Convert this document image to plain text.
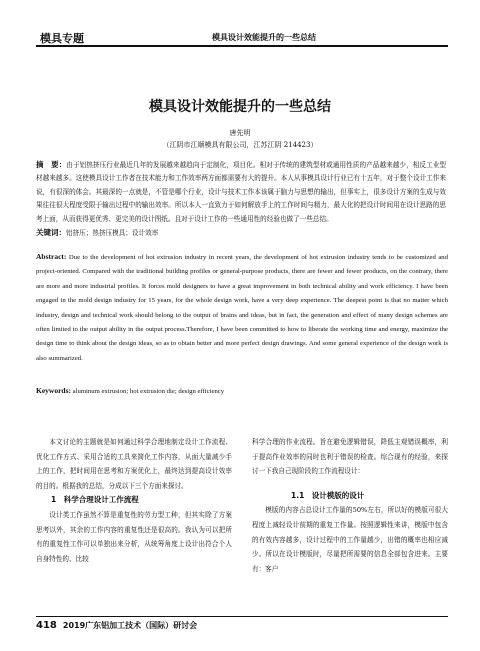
模具专题	模具设计效能提升的一些总结
模具设计效能提升的一些总结
唐先明
（江阴市江顺模具有限公司，江苏江阴 214423）
摘　要：由于铝热挤压行业最近几年的发展越来越趋向于定制化，项目化。相对于传统的建筑型材或通用性质的产品越来越少，相反工业型材越来越多。这使模具设计工作者在技术能力和工作效率两方面都需要有大的提升。本人从事模具设计行业已有十五年，对于整个设计工作来说，有很深的体会。其最深的一点就是，不管是哪个行业，设计与技术工作本该属于脑力与思想的输出，但事实上，很多设计方案的生成与效果往往很大程度受限于输出过程中的输出效率。所以本人一直致力于如何解放手上的工作时间与精力，最大化的把设计时间用在设计思路的思考上面，从而获得更优秀、更完美的设计图纸。且对于设计工作的一些通用性的经验也做了一些总结。
关键词：铝挤压；热挤压模具；设计效率
Abstract: Due to the development of hot extrusion industry in recent years, the development of hot extrusion industry tends to be customized and project-oriented. Compared with the traditional building profiles or general-purpose products, there are fewer and fewer products, on the contrary, there are more and more industrial profiles. It forces mold designers to have a great improvement in both technical ability and work efficiency. I have been engaged in the mold design industry for 15 years, for the whole design work, have a very deep experience. The deepest point is that no matter which industry, design and technical work should belong to the output of brains and ideas, but in fact, the generation and effect of many design schemes are often limited to the output ability in the output process.Therefore, I have been committed to how to liberate the working time and energy, maximize the design time to think about the design ideas, so as to obtain better and more perfect design drawings. And some general experience of the design work is also summarized.
Keywords: aluminum extrusion; hot extrusion die; design efficiency

本文讨论的主题就是如何通过科学合理地制定设计工作流程、优化工作方式、采用合适的工具来简化工作内容，从面大量减少手上的工作，把时间用在思考和方案优化上，最终达到提高设计效率的目的。根据我的总结，分成以下三个方面来探讨。

1　科学合理设计工作流程

设计类工作虽然不算是重复性的劳力型工种，但其实除了方案思考以外，其余的工作内容的重复性还是很高的。我认为可以把所有的重复性工作可以单独出来分析，从统筹角度上设计出符合个人自身特性的、比较

科学合理的作业流程。旨在避免逻辑错误，降低主观错误概率，利于提高作业效率的同时也利于错误的检查。综合现有的经验，来探讨一下我自己现阶段的工作流程设计：

1.1　设计模版的设计

模版的内容占总设计工作量的50%左右，所以好的模版可很大程度上减轻设计前期的重复工作量。按照逻辑性来讲，模版中包含的有效内容越多，设计过程中的工作量越少，出错的概率也相应减少。所以在设计模版时，尽量把所需要的信息全部包含进来。主要有：客户

418 2019广东铝加工技术（国际）研讨会
